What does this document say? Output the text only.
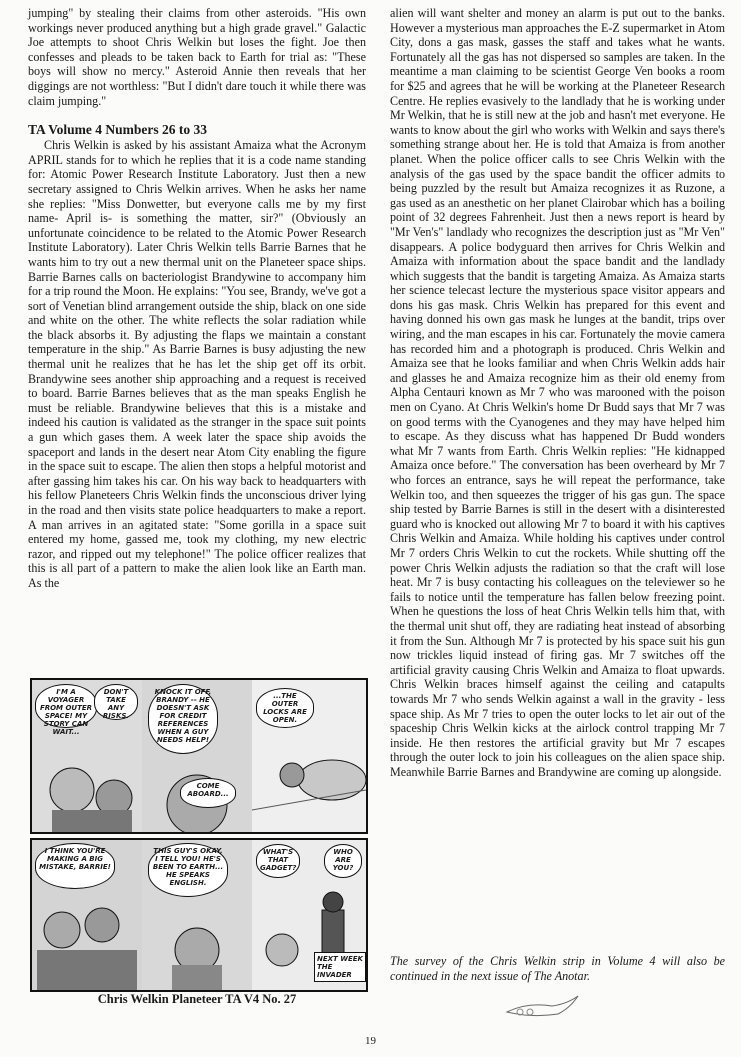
jumping" by stealing their claims from other asteroids. "His own workings never produced anything but a high grade gravel." Galactic Joe attempts to shoot Chris Welkin but loses the fight. Joe then confesses and pleads to be taken back to Earth for trial as: "These boys will show no mercy." Asteroid Annie then reveals that her diggings are not worthless: "But I didn't dare touch it while there was claim jumping."

TA Volume 4 Numbers 26 to 33

Chris Welkin is asked by his assistant Amaiza what the Acronym APRIL stands for to which he replies that it is a code name standing for: Atomic Power Research Institute Laboratory. Just then a new secretary assigned to Chris Welkin arrives. When he asks her name she replies: "Miss Donwetter, but everyone calls me by my first name- April is- is something the matter, sir?" (Obviously an unfortunate coincidence to be related to the Atomic Power Research Institute Laboratory). Later Chris Welkin tells Barrie Barnes that he wants him to try out a new thermal unit on the Planeteer space ships. Barrie Barnes calls on bacteriologist Brandywine to accompany him for a trip round the Moon. He explains: "You see, Brandy, we've got a sort of Venetian blind arrangement outside the ship, black on one side and white on the other. The white reflects the solar radiation while the black absorbs it. By adjusting the flaps we maintain a constant temperature in the ship." As Barrie Barnes is busy adjusting the new thermal unit he realizes that he has let the ship get off its orbit. Brandywine sees another ship approaching and a request is received to board. Barrie Barnes believes that as the man speaks English he must be reliable. Brandywine believes that this is a mistake and indeed his caution is validated as the stranger in the space suit points a gun which gases them. A week later the space ship avoids the spaceport and lands in the desert near Atom City enabling the figure in the space suit to escape. The alien then stops a helpful motorist and after gassing him takes his car. On his way back to headquarters with his fellow Planeteers Chris Welkin finds the unconscious driver lying in the road and then visits state police headquarters to make a report. A man arrives in an agitated state: "Some gorilla in a space suit entered my home, gassed me, took my clothing, my new electric razor, and ripped out my telephone!" The police officer realizes that this is all part of a pattern to make the alien look like an Earth man. As the

I'M A VOYAGER FROM OUTER SPACE! MY STORY CAN WAIT...
DON'T TAKE ANY RISKS.
KNOCK IT OFF, BRANDY -- HE DOESN'T ASK FOR CREDIT REFERENCES WHEN A GUY NEEDS HELP!
COME ABOARD...
...THE OUTER LOCKS ARE OPEN.
I THINK YOU'RE MAKING A BIG MISTAKE, BARRIE!
THIS GUY'S OKAY, I TELL YOU! HE'S BEEN TO EARTH... HE SPEAKS ENGLISH.
WHAT'S THAT GADGET?
WHO ARE YOU?
NEXT WEEK THE INVADER
Chris Welkin Planeteer TA V4 No. 27

alien will want shelter and money an alarm is put out to the banks. However a mysterious man approaches the E-Z supermarket in Atom City, dons a gas mask, gasses the staff and takes what he wants. Fortunately all the gas has not dispersed so samples are taken. In the meantime a man claiming to be scientist George Ven books a room for $25 and agrees that he will be working at the Planeteer Research Centre. He replies evasively to the landlady that he is working under Mr Welkin, that he is still new at the job and hasn't met everyone. He wants to know about the girl who works with Welkin and says there's something strange about her. He is told that Amaiza is from another planet. When the police officer calls to see Chris Welkin with the analysis of the gas used by the space bandit the officer admits to being puzzled by the result but Amaiza recognizes it as Ruzone, a gas used as an anesthetic on her planet Clairobar which has a boiling point of 32 degrees Fahrenheit. Just then a news report is heard by "Mr Ven's" landlady who recognizes the description just as "Mr Ven" disappears. A police bodyguard then arrives for Chris Welkin and Amaiza with information about the space bandit and the landlady which suggests that the bandit is targeting Amaiza. As Amaiza starts her science telecast lecture the mysterious space visitor appears and dons his gas mask. Chris Welkin has prepared for this event and having donned his own gas mask he lunges at the bandit, trips over wiring, and the man escapes in his car. Fortunately the movie camera has recorded him and a photograph is produced. Chris Welkin and Amaiza see that he looks familiar and when Chris Welkin adds hair and glasses he and Amaiza recognize him as their old enemy from Alpha Centauri known as Mr 7 who was marooned with the poison men on Cyano. At Chris Welkin's home Dr Budd says that Mr 7 was on good terms with the Cyanogenes and they may have helped him to escape. As they discuss what has happened Dr Budd wonders what Mr 7 wants from Earth. Chris Welkin replies: "He kidnapped Amaiza once before." The conversation has been overheard by Mr 7 who forces an entrance, says he will repeat the performance, take Welkin too, and then squeezes the trigger of his gas gun. The space ship tested by Barrie Barnes is still in the desert with a disinterested guard who is knocked out allowing Mr 7 to board it with his captives Chris Welkin and Amaiza. While holding his captives under control Mr 7 orders Chris Welkin to cut the rockets. While shutting off the power Chris Welkin adjusts the radiation so that the craft will lose heat. Mr 7 is busy contacting his colleagues on the televiewer so he fails to notice until the temperature has fallen below freezing point. When he questions the loss of heat Chris Welkin tells him that, with the thermal unit shut off, they are radiating heat instead of absorbing it from the Sun. Although Mr 7 is protected by his space suit his gun now trickles liquid instead of firing gas. Mr 7 switches off the artificial gravity causing Chris Welkin and Amaiza to float upwards. Chris Welkin braces himself against the ceiling and catapults towards Mr 7 who sends Welkin against a wall in the gravity - less space ship. As Mr 7 tries to open the outer locks to let air out of the spaceship Chris Welkin kicks at the airlock control trapping Mr 7 inside. He then restores the artificial gravity but Mr 7 escapes through the outer lock to join his colleagues on the alien space ship. Meanwhile Barrie Barnes and Brandywine are coming up alongside.

The survey of the Chris Welkin strip in Volume 4 will also be continued in the next issue of The Anotar.

19
